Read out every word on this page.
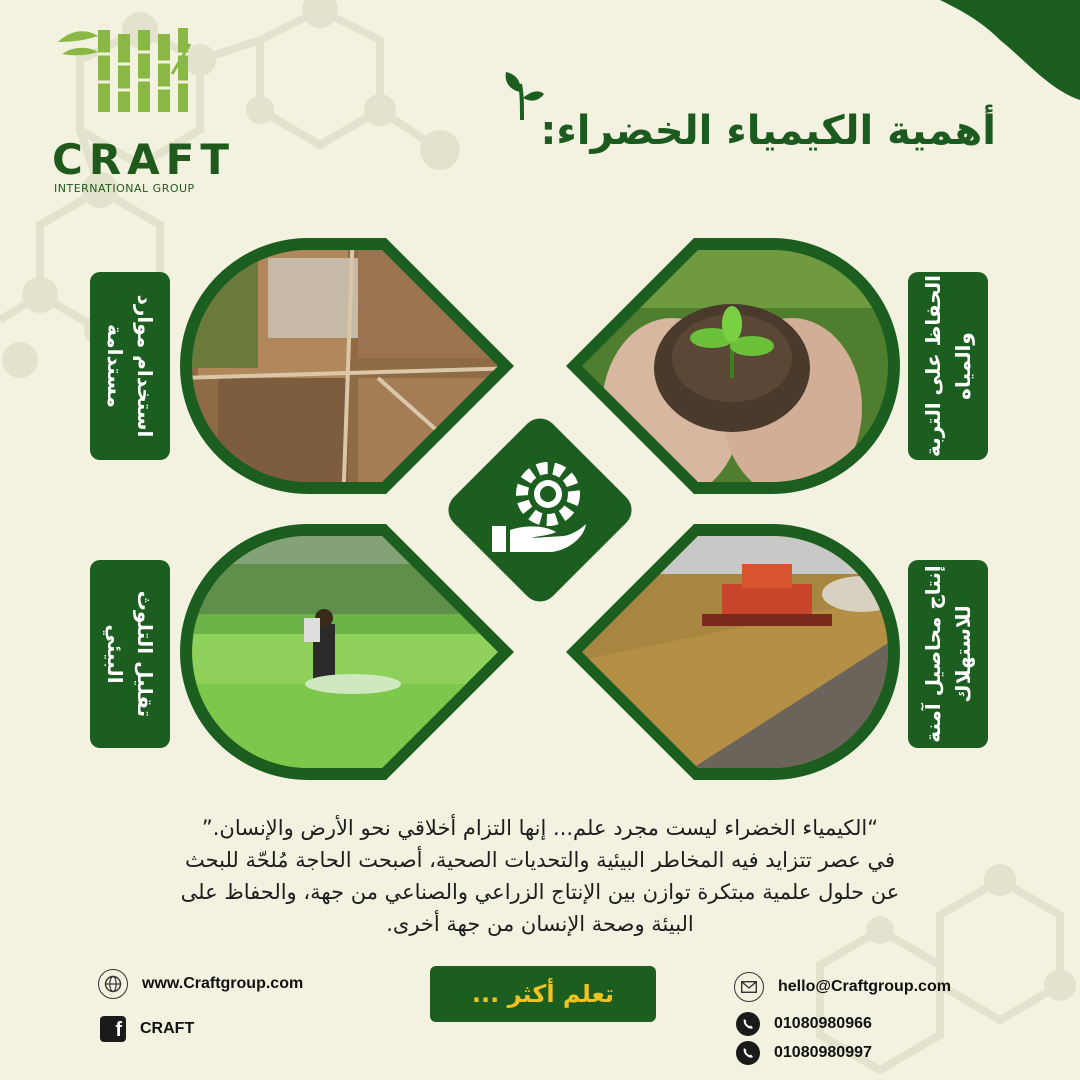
CRAFT
INTERNATIONAL GROUP
أهمية الكيمياء الخضراء:
استخدام موارد مستدامة	الحفاظ على التربة والمياه
تقليل التلوث البيئي	إنتاج محاصيل آمنة للاستهلاك

“الكيمياء الخضراء ليست مجرد علم... إنها التزام أخلاقي نحو الأرض والإنسان.”

في عصر تتزايد فيه المخاطر البيئية والتحديات الصحية، أصبحت الحاجة مُلحّة للبحث

عن حلول علمية مبتكرة توازن بين الإنتاج الزراعي والصناعي من جهة، والحفاظ على

البيئة وصحة الإنسان من جهة أخرى.

www.Craftgroup.com
f CRAFT
تعلم أكثر ...	hello@Craftgroup.com
01080980966
01080980997
